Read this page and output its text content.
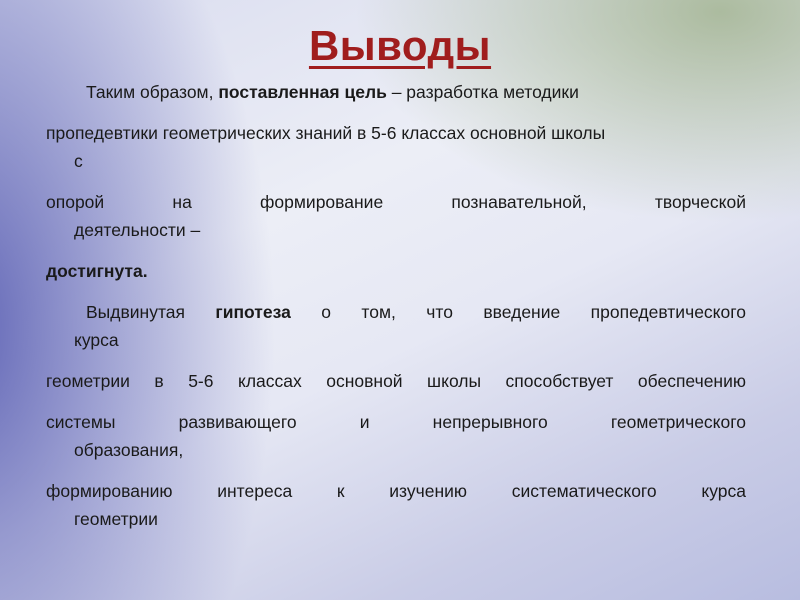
Выводы
Таким образом, поставленная цель – разработка методики
пропедевтики геометрических знаний в 5-6 классах основной школы
с
опорой на формирование познавательной, творческой
деятельности –
достигнута.
Выдвинутая гипотеза о том, что введение пропедевтического
курса
геометрии в 5-6 классах основной школы способствует обеспечению
системы развивающего и непрерывного геометрического
образования,
формированию интереса к изучению систематического курса
геометрии
